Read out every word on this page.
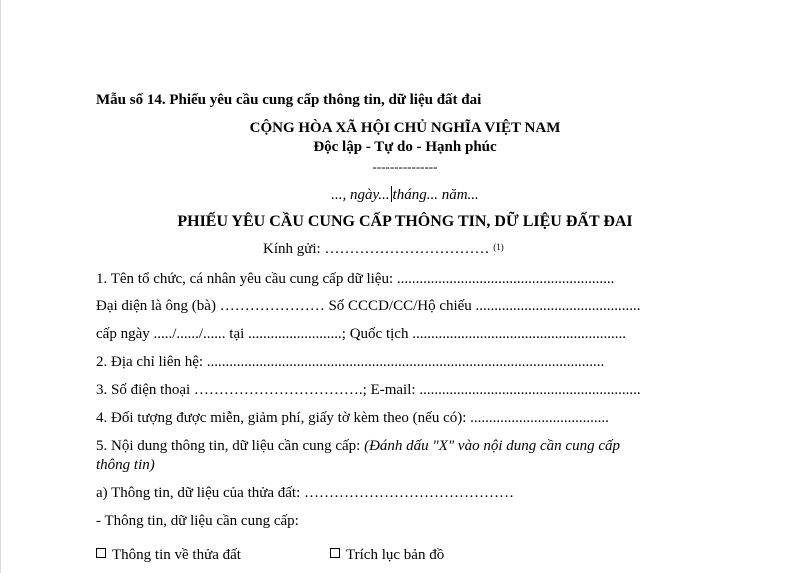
Mẫu số 14. Phiếu yêu cầu cung cấp thông tin, dữ liệu đất đai
CỘNG HÒA XÃ HỘI CHỦ NGHĨA VIỆT NAM
Độc lập - Tự do - Hạnh phúc
---------------
..., ngày... tháng... năm...
PHIẾU YÊU CẦU CUNG CẤP THÔNG TIN, DỮ LIỆU ĐẤT ĐAI
Kính gửi: …………………………… $^{(1)}$
1. Tên tổ chức, cá nhân yêu cầu cung cấp dữ liệu: ..........................................................
Đại diện là ông (bà) ………………… Số CCCD/CC/Hộ chiếu ............................................
cấp ngày ...../....../...... tại .........................; Quốc tịch .........................................................
2. Địa chỉ liên hệ: ..........................................................................................................
3. Số điện thoại …………………………….; E-mail: ...........................................................
4. Đối tượng được miễn, giảm phí, giấy tờ kèm theo (nếu có): .....................................
5. Nội dung thông tin, dữ liệu cần cung cấp: (Đánh dấu "X" vào nội dung cần cung cấp
thông tin)
a) Thông tin, dữ liệu của thửa đất: ……………………………………
- Thông tin, dữ liệu cần cung cấp:
Thông tin về thửa đất	Trích lục bản đồ
